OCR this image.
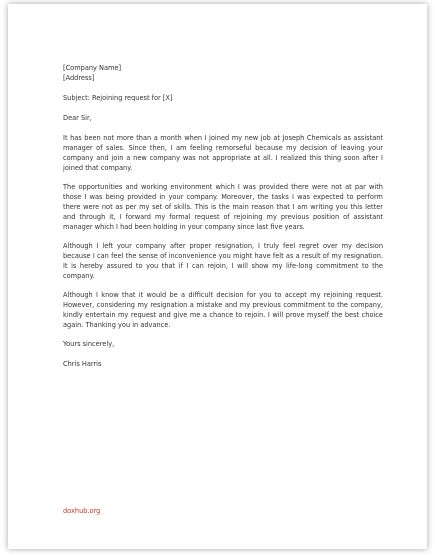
[Company Name]

[Address]

Subject: Rejoining request for [X]

Dear Sir,

It has been not more than a month when I joined my new job at Joseph Chemicals as assistant manager of sales. Since then, I am feeling remorseful because my decision of leaving your company and join a new company was not appropriate at all. I realized this thing soon after I joined that company.

The opportunities and working environment which I was provided there were not at par with those I was being provided in your company. Moreover, the tasks I was expected to perform there were not as per my set of skills. This is the main reason that I am writing you this letter and through it, I forward my formal request of rejoining my previous position of assistant manager which I had been holding in your company since last five years.

Although I left your company after proper resignation, I truly feel regret over my decision because I can feel the sense of inconvenience you might have felt as a result of my resignation. It is hereby assured to you that if I can rejoin, I will show my life-long commitment to the company.

Although I know that it would be a difficult decision for you to accept my rejoining request. However, considering my resignation a mistake and my previous commitment to the company, kindly entertain my request and give me a chance to rejoin. I will prove myself the best choice again. Thanking you in advance.

Yours sincerely,

Chris Harris

doxhub.org
